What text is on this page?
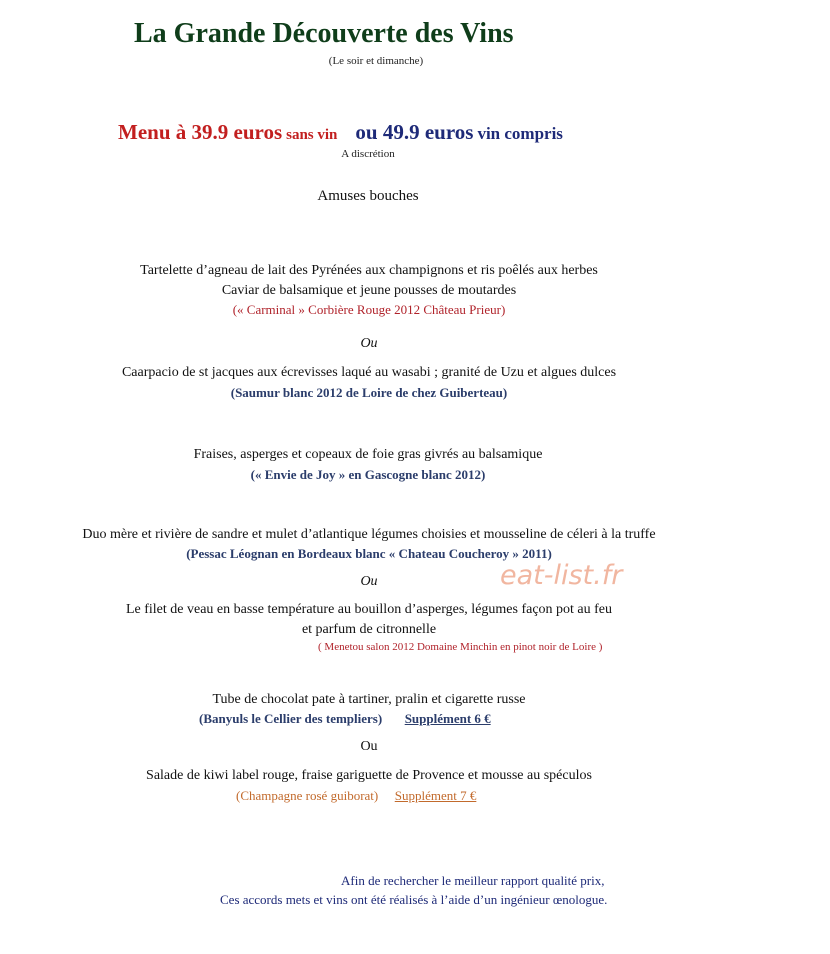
La Grande Découverte des Vins
(Le soir et dimanche)
Menu à 39.9 euros sans vin ou 49.9 euros vin compris
A discrétion
Amuses bouches
Tartelette d’agneau de lait des Pyrénées aux champignons et ris poêlés aux herbes
Caviar de balsamique et jeune pousses de moutardes
(« Carminal » Corbière Rouge 2012 Château Prieur)
Ou
Caarpacio de st jacques aux écrevisses laqué au wasabi ; granité de Uzu et algues dulces
(Saumur blanc 2012 de Loire de chez Guiberteau)
Fraises, asperges et copeaux de foie gras givrés au balsamique
(« Envie de Joy » en Gascogne blanc 2012)
Duo mère et rivière de sandre et mulet d’atlantique légumes choisies et mousseline de céleri à la truffe
(Pessac Léognan en Bordeaux blanc « Chateau Coucheroy » 2011)
Ou
Le filet de veau en basse température au bouillon d’asperges, légumes façon pot au feu
et parfum de citronnelle
( Menetou salon 2012 Domaine Minchin en pinot noir de Loire )
eat-list.fr
Tube de chocolat pate à tartiner, pralin et cigarette russe
(Banyuls le Cellier des templiers) Supplément 6 €
Ou
Salade de kiwi label rouge, fraise gariguette de Provence et mousse au spéculos
(Champagne rosé guiborat) Supplément 7 €
Afin de rechercher le meilleur rapport qualité prix,
Ces accords mets et vins ont été réalisés à l’aide d’un ingénieur œnologue.
